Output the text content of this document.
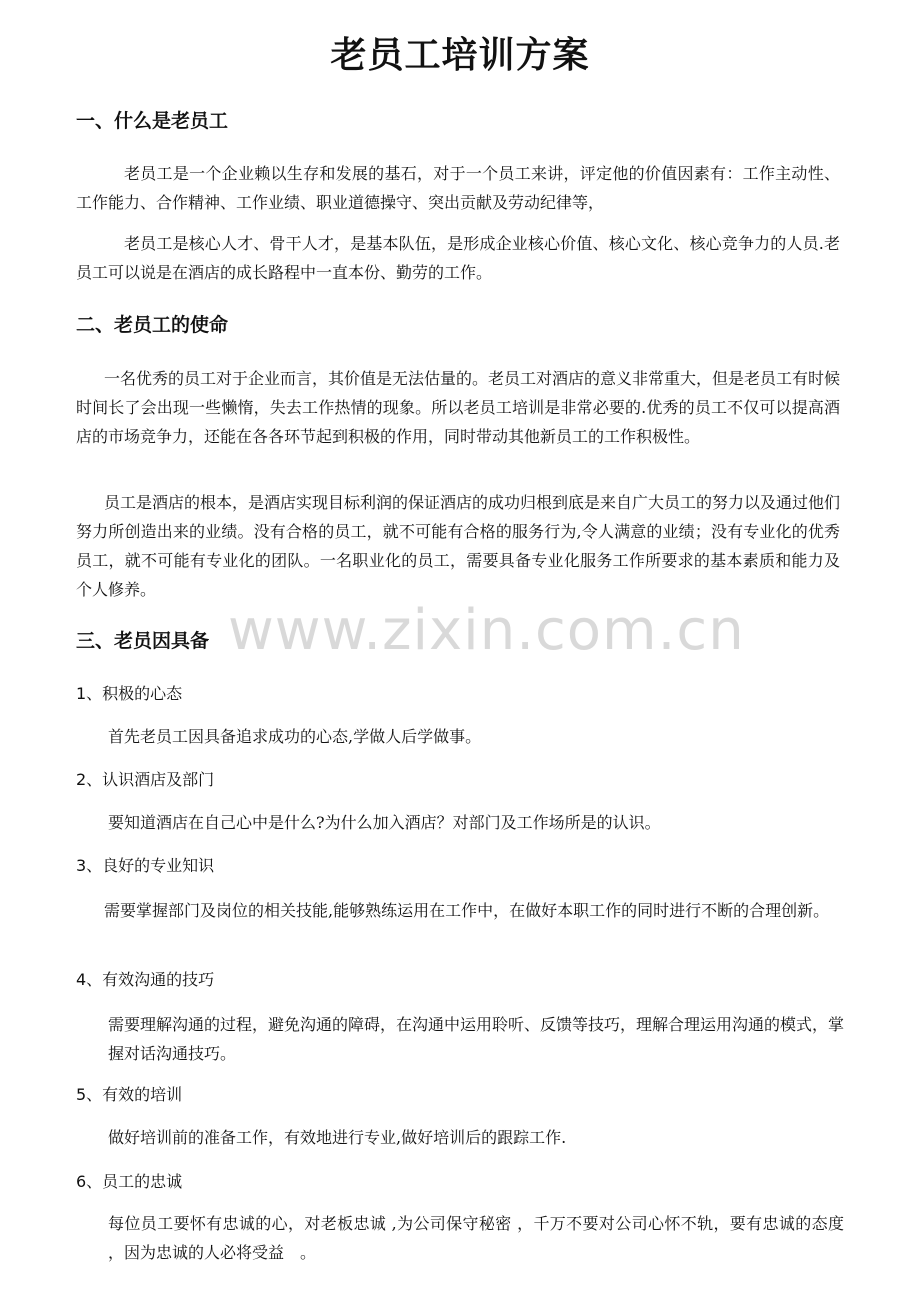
www.zixin.com.cn
老员工培训方案
一、什么是老员工
老员工是一个企业赖以生存和发展的基石，对于一个员工来讲，评定他的价值因素有：工作主动性、工作能力、合作精神、工作业绩、职业道德操守、突出贡献及劳动纪律等，
老员工是核心人才、骨干人才，是基本队伍，是形成企业核心价值、核心文化、核心竞争力的人员.老员工可以说是在酒店的成长路程中一直本份、勤劳的工作。
二、老员工的使命
一名优秀的员工对于企业而言，其价值是无法估量的。老员工对酒店的意义非常重大，但是老员工有时候时间长了会出现一些懒惰，失去工作热情的现象。所以老员工培训是非常必要的.优秀的员工不仅可以提高酒店的市场竞争力，还能在各各环节起到积极的作用，同时带动其他新员工的工作积极性。
员工是酒店的根本，是酒店实现目标利润的保证酒店的成功归根到底是来自广大员工的努力以及通过他们努力所创造出来的业绩。没有合格的员工，就不可能有合格的服务行为,令人满意的业绩；没有专业化的优秀员工，就不可能有专业化的团队。一名职业化的员工，需要具备专业化服务工作所要求的基本素质和能力及个人修养。
三、老员因具备
1、积极的心态
首先老员工因具备追求成功的心态,学做人后学做事。
2、认识酒店及部门
要知道酒店在自己心中是什么?为什么加入酒店？对部门及工作场所是的认识。
3、良好的专业知识
需要掌握部门及岗位的相关技能,能够熟练运用在工作中，在做好本职工作的同时进行不断的合理创新。
4、有效沟通的技巧
需要理解沟通的过程，避免沟通的障碍，在沟通中运用聆听、反馈等技巧，理解合理运用沟通的模式，掌握对话沟通技巧。
5、有效的培训
做好培训前的准备工作，有效地进行专业,做好培训后的跟踪工作.
6、员工的忠诚
每位员工要怀有忠诚的心，对老板忠诚 ,为公司保守秘密 ，千万不要对公司心怀不轨，要有忠诚的态度 ，因为忠诚的人必将受益　。
